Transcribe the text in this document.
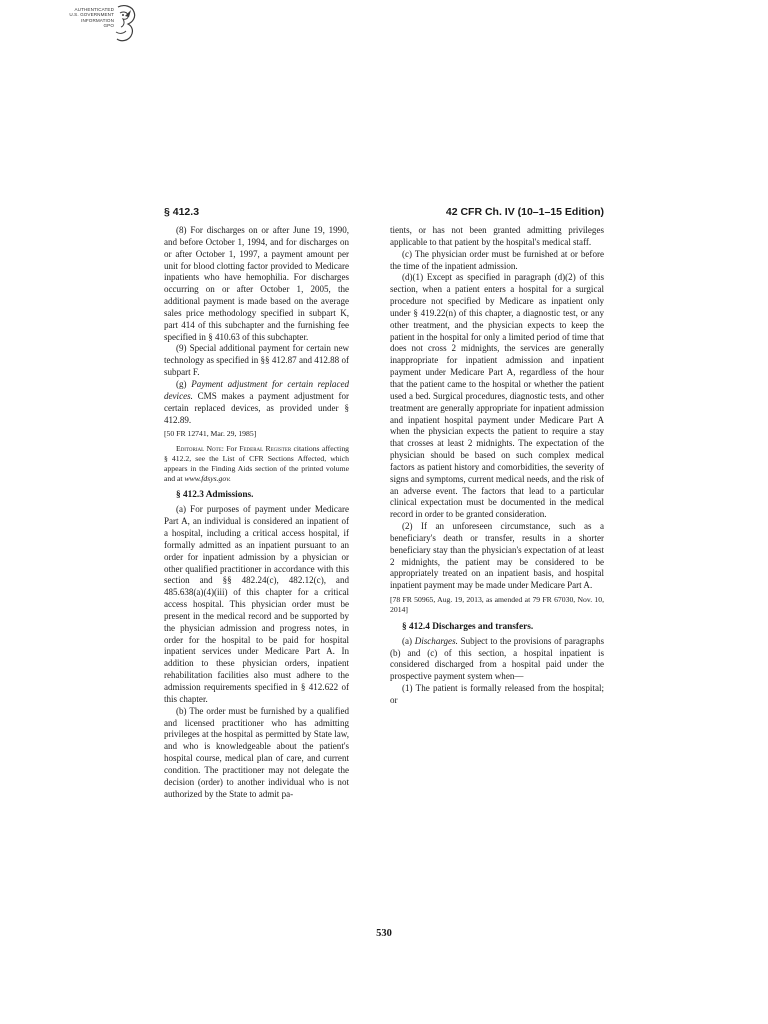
AUTHENTICATED
U.S. GOVERNMENT
INFORMATION
GPO
§ 412.3	42 CFR Ch. IV (10–1–15 Edition)

(8) For discharges on or after June 19, 1990, and before October 1, 1994, and for discharges on or after October 1, 1997, a payment amount per unit for blood clotting factor provided to Medicare inpatients who have hemophilia. For discharges occurring on or after October 1, 2005, the additional payment is made based on the average sales price methodology specified in subpart K, part 414 of this subchapter and the furnishing fee specified in § 410.63 of this subchapter.

(9) Special additional payment for certain new technology as specified in §§ 412.87 and 412.88 of subpart F.

(g) Payment adjustment for certain replaced devices. CMS makes a payment adjustment for certain replaced devices, as provided under § 412.89.

[50 FR 12741, Mar. 29, 1985]

Editorial Note: For Federal Register citations affecting § 412.2, see the List of CFR Sections Affected, which appears in the Finding Aids section of the printed volume and at www.fdsys.gov.

§ 412.3 Admissions.

(a) For purposes of payment under Medicare Part A, an individual is considered an inpatient of a hospital, including a critical access hospital, if formally admitted as an inpatient pursuant to an order for inpatient admission by a physician or other qualified practitioner in accordance with this section and §§ 482.24(c), 482.12(c), and 485.638(a)(4)(iii) of this chapter for a critical access hospital. This physician order must be present in the medical record and be supported by the physician admission and progress notes, in order for the hospital to be paid for hospital inpatient services under Medicare Part A. In addition to these physician orders, inpatient rehabilitation facilities also must adhere to the admission requirements specified in § 412.622 of this chapter.

(b) The order must be furnished by a qualified and licensed practitioner who has admitting privileges at the hospital as permitted by State law, and who is knowledgeable about the patient's hospital course, medical plan of care, and current condition. The practitioner may not delegate the decision (order) to another individual who is not authorized by the State to admit pa-

tients, or has not been granted admitting privileges applicable to that patient by the hospital's medical staff.

(c) The physician order must be furnished at or before the time of the inpatient admission.

(d)(1) Except as specified in paragraph (d)(2) of this section, when a patient enters a hospital for a surgical procedure not specified by Medicare as inpatient only under § 419.22(n) of this chapter, a diagnostic test, or any other treatment, and the physician expects to keep the patient in the hospital for only a limited period of time that does not cross 2 midnights, the services are generally inappropriate for inpatient admission and inpatient payment under Medicare Part A, regardless of the hour that the patient came to the hospital or whether the patient used a bed. Surgical procedures, diagnostic tests, and other treatment are generally appropriate for inpatient admission and inpatient hospital payment under Medicare Part A when the physician expects the patient to require a stay that crosses at least 2 midnights. The expectation of the physician should be based on such complex medical factors as patient history and comorbidities, the severity of signs and symptoms, current medical needs, and the risk of an adverse event. The factors that lead to a particular clinical expectation must be documented in the medical record in order to be granted consideration.

(2) If an unforeseen circumstance, such as a beneficiary's death or transfer, results in a shorter beneficiary stay than the physician's expectation of at least 2 midnights, the patient may be considered to be appropriately treated on an inpatient basis, and hospital inpatient payment may be made under Medicare Part A.

[78 FR 50965, Aug. 19, 2013, as amended at 79 FR 67030, Nov. 10, 2014]

§ 412.4 Discharges and transfers.

(a) Discharges. Subject to the provisions of paragraphs (b) and (c) of this section, a hospital inpatient is considered discharged from a hospital paid under the prospective payment system when—

(1) The patient is formally released from the hospital; or

530
